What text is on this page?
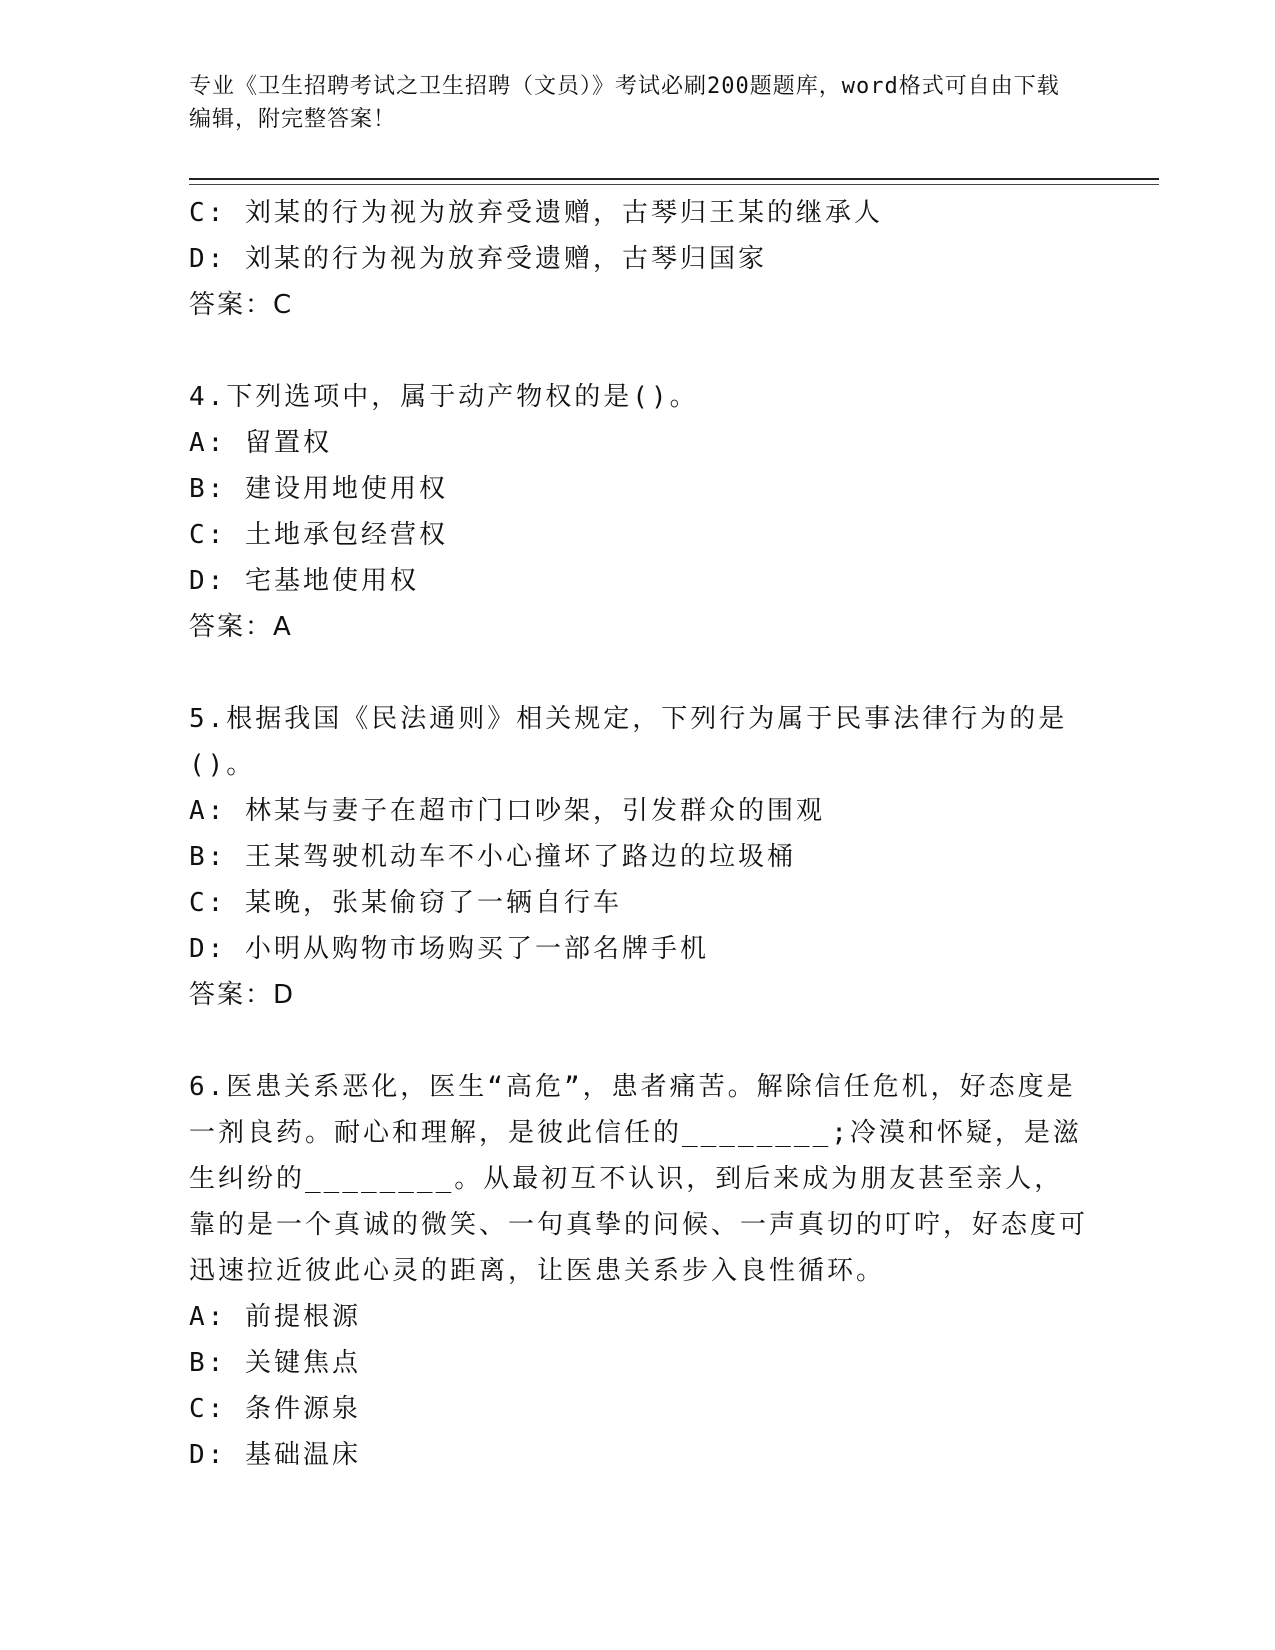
专业《卫生招聘考试之卫生招聘（文员）》考试必刷200题题库，word格式可自由下载编辑，附完整答案！

C: 刘某的行为视为放弃受遗赠，古琴归王某的继承人

D: 刘某的行为视为放弃受遗赠，古琴归国家

答案：C

4.下列选项中，属于动产物权的是()。

A: 留置权

B: 建设用地使用权

C: 土地承包经营权

D: 宅基地使用权

答案：A

5.根据我国《民法通则》相关规定，下列行为属于民事法律行为的是()。

A: 林某与妻子在超市门口吵架，引发群众的围观

B: 王某驾驶机动车不小心撞坏了路边的垃圾桶

C: 某晚，张某偷窃了一辆自行车

D: 小明从购物市场购买了一部名牌手机

答案：D

6.医患关系恶化，医生“高危”，患者痛苦。解除信任危机，好态度是一剂良药。耐心和理解，是彼此信任的________;冷漠和怀疑，是滋生纠纷的________。从最初互不认识，到后来成为朋友甚至亲人，靠的是一个真诚的微笑、一句真挚的问候、一声真切的叮咛，好态度可迅速拉近彼此心灵的距离，让医患关系步入良性循环。

A: 前提根源

B: 关键焦点

C: 条件源泉

D: 基础温床
